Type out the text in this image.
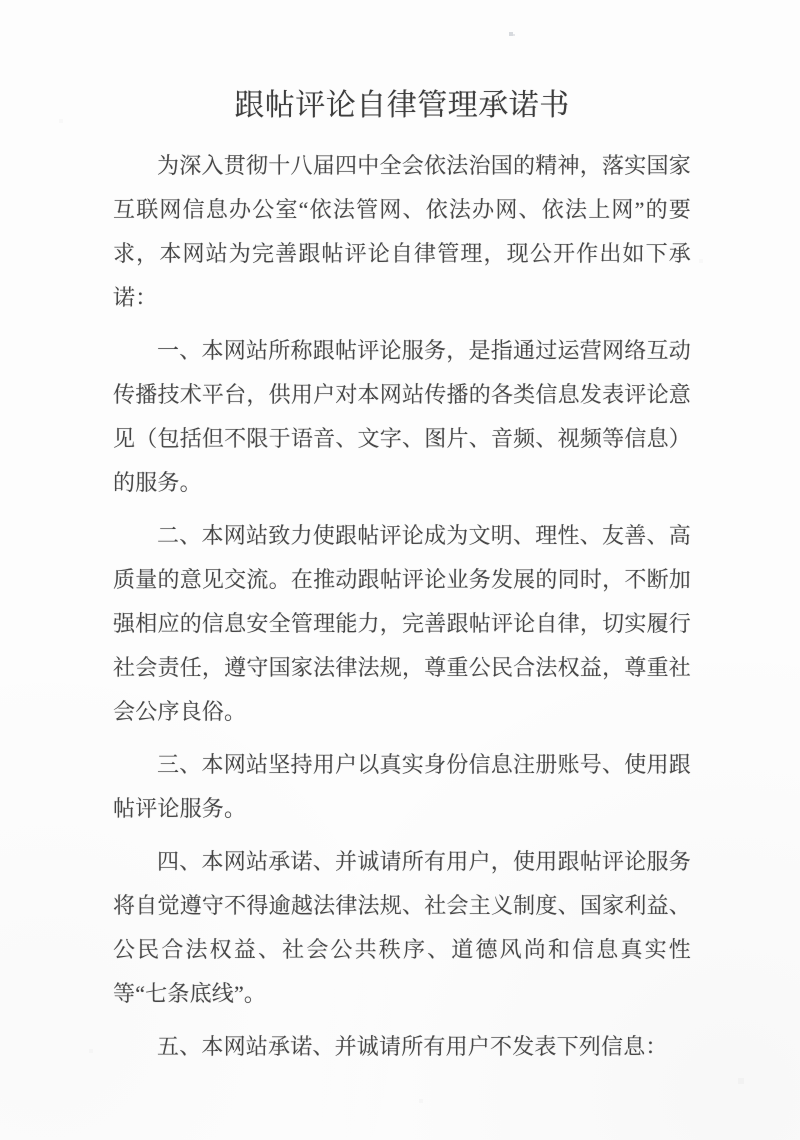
跟帖评论自律管理承诺书

为深入贯彻十八届四中全会依法治国的精神，落实国家互联网信息办公室“依法管网、依法办网、依法上网”的要求，本网站为完善跟帖评论自律管理，现公开作出如下承诺：

一、本网站所称跟帖评论服务，是指通过运营网络互动传播技术平台，供用户对本网站传播的各类信息发表评论意见（包括但不限于语音、文字、图片、音频、视频等信息）的服务。

二、本网站致力使跟帖评论成为文明、理性、友善、高质量的意见交流。在推动跟帖评论业务发展的同时，不断加强相应的信息安全管理能力，完善跟帖评论自律，切实履行社会责任，遵守国家法律法规，尊重公民合法权益，尊重社会公序良俗。

三、本网站坚持用户以真实身份信息注册账号、使用跟帖评论服务。

四、本网站承诺、并诚请所有用户，使用跟帖评论服务将自觉遵守不得逾越法律法规、社会主义制度、国家利益、公民合法权益、社会公共秩序、道德风尚和信息真实性等“七条底线”。

五、本网站承诺、并诚请所有用户不发表下列信息：
